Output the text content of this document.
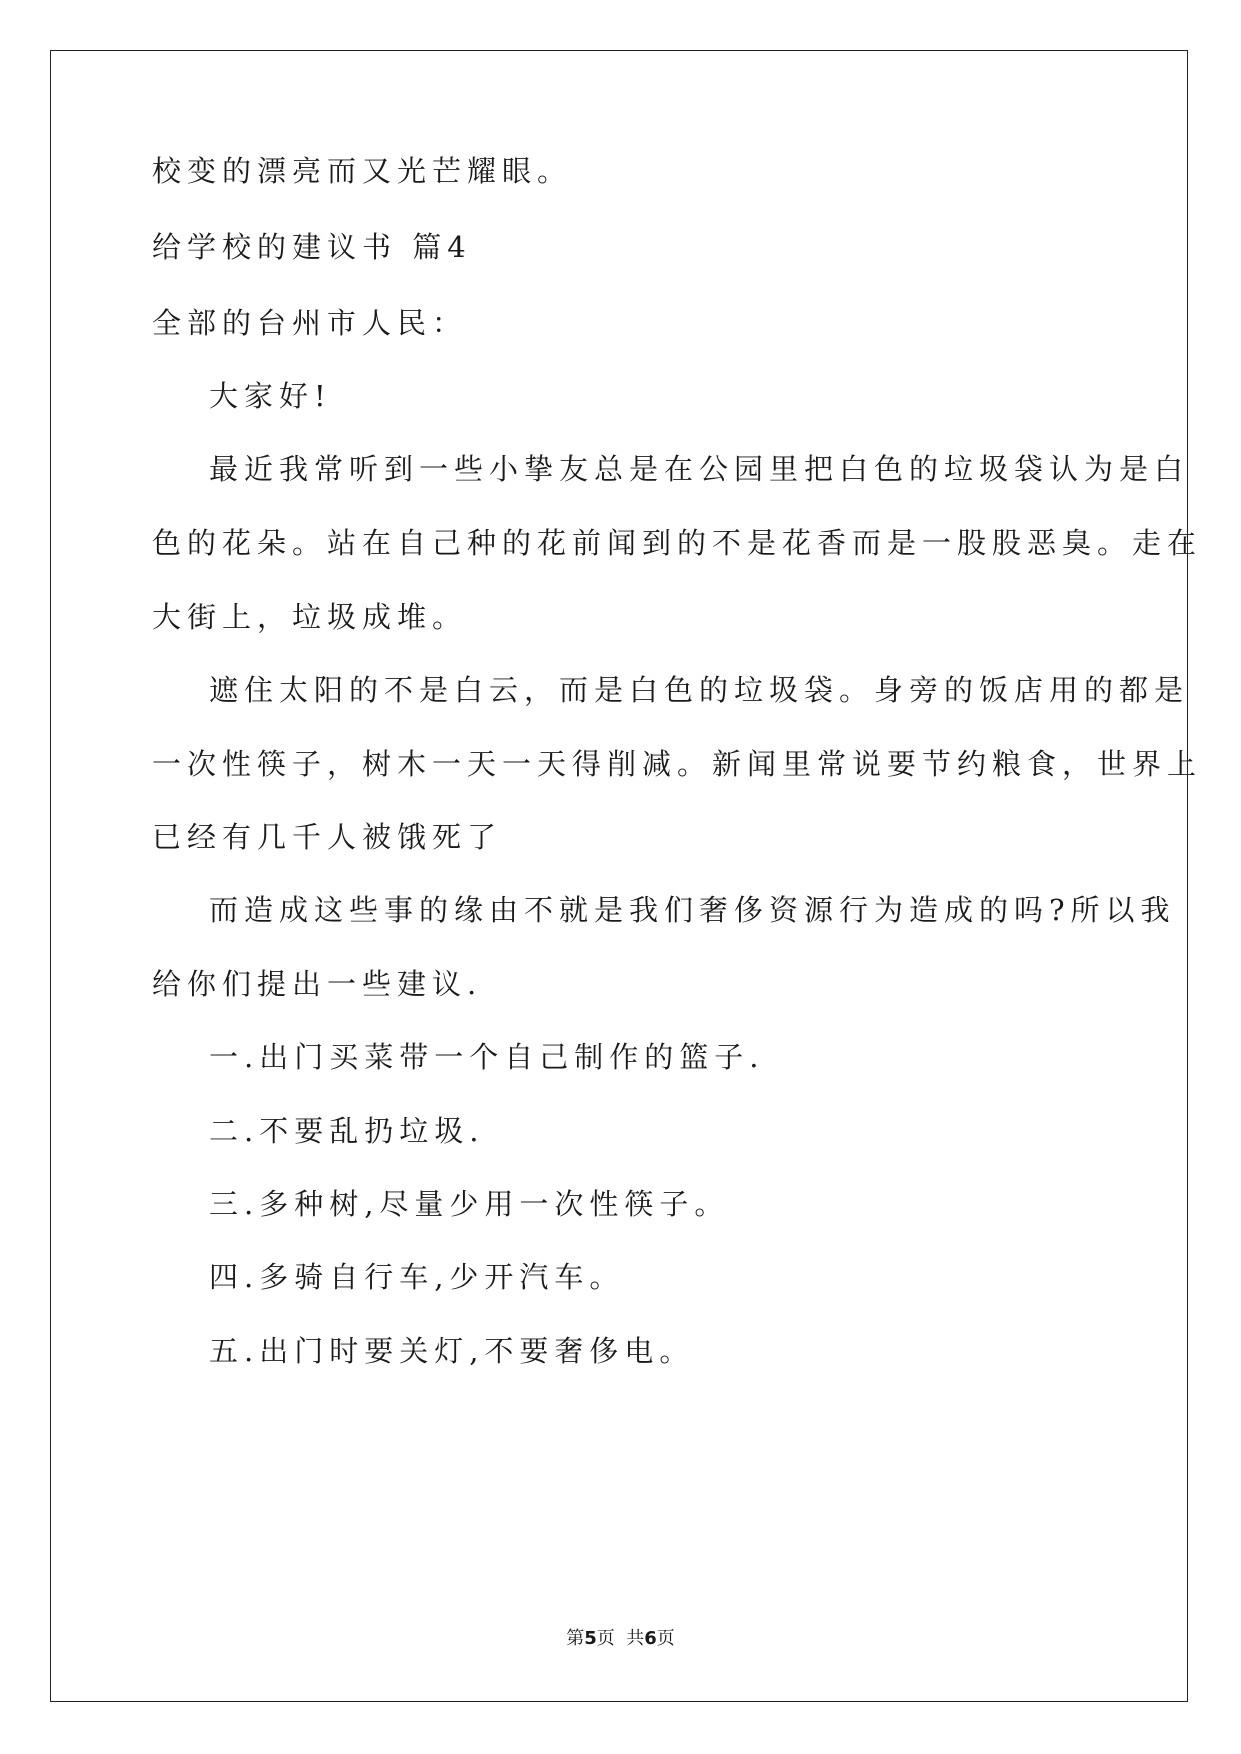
校变的漂亮而又光芒耀眼。
给学校的建议书 篇4
全部的台州市人民：
大家好!
最近我常听到一些小挚友总是在公园里把白色的垃圾袋认为是白
色的花朵。站在自己种的花前闻到的不是花香而是一股股恶臭。走在
大街上，垃圾成堆。
遮住太阳的不是白云，而是白色的垃圾袋。身旁的饭店用的都是
一次性筷子，树木一天一天得削减。新闻里常说要节约粮食，世界上
已经有几千人被饿死了
而造成这些事的缘由不就是我们奢侈资源行为造成的吗?所以我
给你们提出一些建议.
一.出门买菜带一个自己制作的篮子.
二.不要乱扔垃圾.
三.多种树,尽量少用一次性筷子。
四.多骑自行车,少开汽车。
五.出门时要关灯,不要奢侈电。
第5页  共6页
